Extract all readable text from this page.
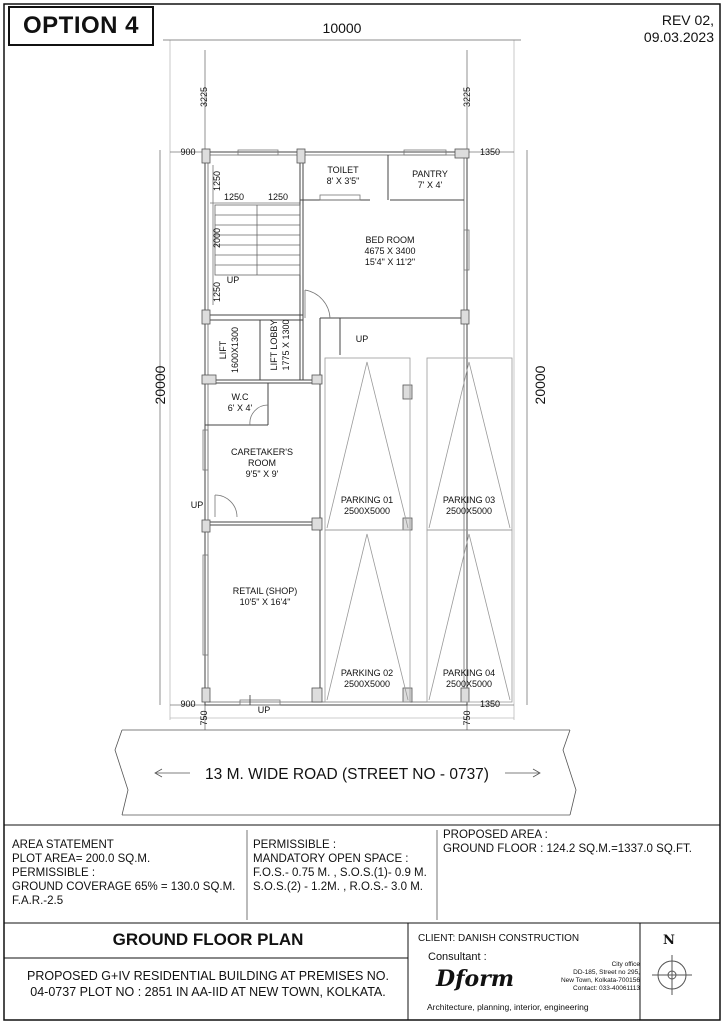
10000
20000	20000
3225	3225
900	1350
900	1350
750	750
1250
1250	1250
2000
1250
TOILET
8' X 3'5"
PANTRY
7' X 4'
BED ROOM
4675 X 3400
15'4" X 11'2"
LIFT 1600X1300	LIFT LOBBY 1775 X 1300
W.C
6' X 4'
CARETAKER'S
ROOM
9'5" X 9'
RETAIL (SHOP)
10'5" X 16'4"
PARKING 01
2500X5000
PARKING 03
2500X5000
PARKING 02
2500X5000
PARKING 04
2500X5000
UP
UP
UP
UP
13 M. WIDE ROAD (STREET NO - 0737)
OPTION 4	REV 02,
09.03.2023
AREA STATEMENT
PLOT AREA= 200.0 SQ.M.
PERMISSIBLE :
GROUND COVERAGE 65% = 130.0 SQ.M.
F.A.R.-2.5
PERMISSIBLE :
MANDATORY OPEN SPACE :
F.O.S.- 0.75 M. , S.O.S.(1)- 0.9 M.
S.O.S.(2) - 1.2M. , R.O.S.- 3.0 M.
PROPOSED AREA :
GROUND FLOOR : 124.2 SQ.M.=1337.0 SQ.FT.
GROUND FLOOR PLAN
PROPOSED G+IV RESIDENTIAL BUILDING AT PREMISES NO.
04-0737 PLOT NO : 2851 IN AA-IID AT NEW TOWN, KOLKATA.
CLIENT: DANISH CONSTRUCTION
Consultant :
Dform
Architecture, planning, interior, engineering
City office
DD-185, Street no 295,
New Town, Kolkata-700156
Contact: 033-40061113
N
